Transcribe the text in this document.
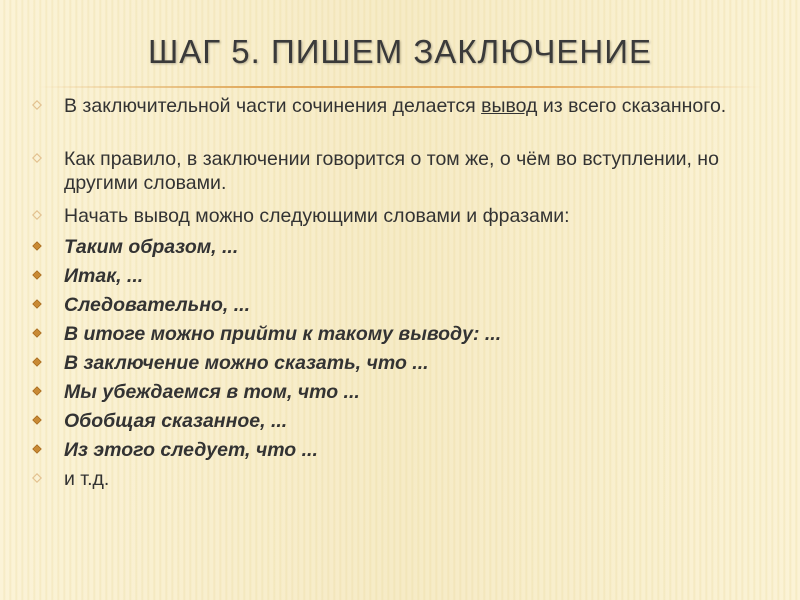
ШАГ 5. ПИШЕМ ЗАКЛЮЧЕНИЕ
В заключительной части сочинения делается вывод из всего сказанного.
Как правило, в заключении говорится о том же, о чём во вступлении, но другими словами.
Начать вывод можно следующими словами и фразами:
Таким образом, ...
Итак, ...
Следовательно, ...
В итоге можно прийти к такому выводу: ...
В заключение можно сказать, что ...
Мы убеждаемся в том, что ...
Обобщая сказанное, ...
Из этого следует, что ...
и т.д.
